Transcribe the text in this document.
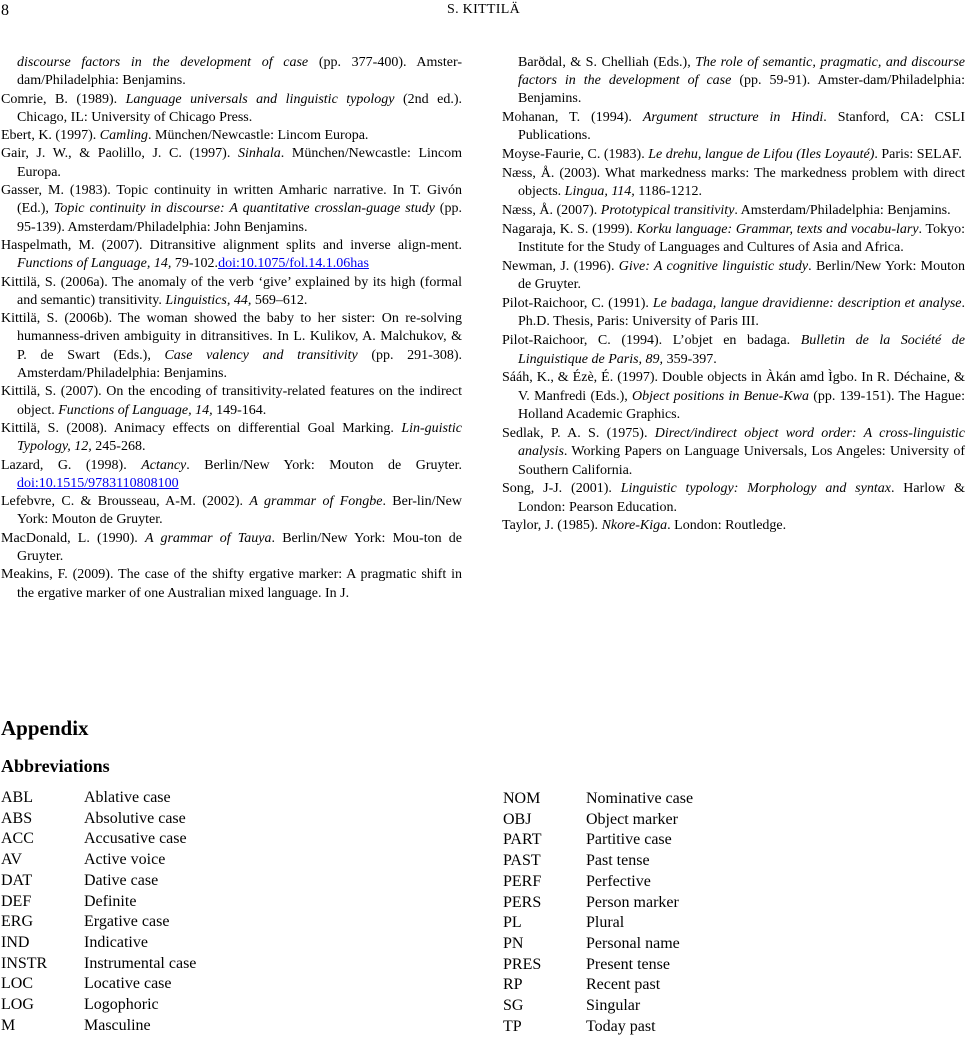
8	S. KITTILÄ
discourse factors in the development of case (pp. 377-400). Amster-dam/Philadelphia: Benjamins.
Comrie, B. (1989). Language universals and linguistic typology (2nd ed.). Chicago, IL: University of Chicago Press.
Ebert, K. (1997). Camling. München/Newcastle: Lincom Europa.
Gair, J. W., & Paolillo, J. C. (1997). Sinhala. München/Newcastle: Lincom Europa.
Gasser, M. (1983). Topic continuity in written Amharic narrative. In T. Givón (Ed.), Topic continuity in discourse: A quantitative crosslan-guage study (pp. 95-139). Amsterdam/Philadelphia: John Benjamins.
Haspelmath, M. (2007). Ditransitive alignment splits and inverse align-ment. Functions of Language, 14, 79-102.doi:10.1075/fol.14.1.06has
Kittilä, S. (2006a). The anomaly of the verb ‘give’ explained by its high (formal and semantic) transitivity. Linguistics, 44, 569–612.
Kittilä, S. (2006b). The woman showed the baby to her sister: On re-solving humanness-driven ambiguity in ditransitives. In L. Kulikov, A. Malchukov, & P. de Swart (Eds.), Case valency and transitivity (pp. 291-308). Amsterdam/Philadelphia: Benjamins.
Kittilä, S. (2007). On the encoding of transitivity-related features on the indirect object. Functions of Language, 14, 149-164.
Kittilä, S. (2008). Animacy effects on differential Goal Marking. Lin-guistic Typology, 12, 245-268.
Lazard, G. (1998). Actancy. Berlin/New York: Mouton de Gruyter. doi:10.1515/9783110808100
Lefebvre, C. & Brousseau, A-M. (2002). A grammar of Fongbe. Ber-lin/New York: Mouton de Gruyter.
MacDonald, L. (1990). A grammar of Tauya. Berlin/New York: Mou-ton de Gruyter.
Meakins, F. (2009). The case of the shifty ergative marker: A pragmatic shift in the ergative marker of one Australian mixed language. In J.
Barðdal, & S. Chelliah (Eds.), The role of semantic, pragmatic, and discourse factors in the development of case (pp. 59-91). Amster-dam/Philadelphia: Benjamins.
Mohanan, T. (1994). Argument structure in Hindi. Stanford, CA: CSLI Publications.
Moyse-Faurie, C. (1983). Le drehu, langue de Lifou (Iles Loyauté). Paris: SELAF.
Næss, Å. (2003). What markedness marks: The markedness problem with direct objects. Lingua, 114, 1186-1212.
Næss, Å. (2007). Prototypical transitivity. Amsterdam/Philadelphia: Benjamins.
Nagaraja, K. S. (1999). Korku language: Grammar, texts and vocabu-lary. Tokyo: Institute for the Study of Languages and Cultures of Asia and Africa.
Newman, J. (1996). Give: A cognitive linguistic study. Berlin/New York: Mouton de Gruyter.
Pilot-Raichoor, C. (1991). Le badaga, langue dravidienne: description et analyse. Ph.D. Thesis, Paris: University of Paris III.
Pilot-Raichoor, C. (1994). L’objet en badaga. Bulletin de la Société de Linguistique de Paris, 89, 359-397.
Sááh, K., & Ézè, É. (1997). Double objects in Àkán amd Ìgbo. In R. Déchaine, & V. Manfredi (Eds.), Object positions in Benue-Kwa (pp. 139-151). The Hague: Holland Academic Graphics.
Sedlak, P. A. S. (1975). Direct/indirect object word order: A cross-linguistic analysis. Working Papers on Language Universals, Los Angeles: University of Southern California.
Song, J-J. (2001). Linguistic typology: Morphology and syntax. Harlow & London: Pearson Education.
Taylor, J. (1985). Nkore-Kiga. London: Routledge.
Appendix
Abbreviations
ABL	Ablative case
ABS	Absolutive case
ACC	Accusative case
AV	Active voice
DAT	Dative case
DEF	Definite
ERG	Ergative case
IND	Indicative
INSTR	Instrumental case
LOC	Locative case
LOG	Logophoric
M	Masculine
NOM	Nominative case
OBJ	Object marker
PART	Partitive case
PAST	Past tense
PERF	Perfective
PERS	Person marker
PL	Plural
PN	Personal name
PRES	Present tense
RP	Recent past
SG	Singular
TP	Today past
